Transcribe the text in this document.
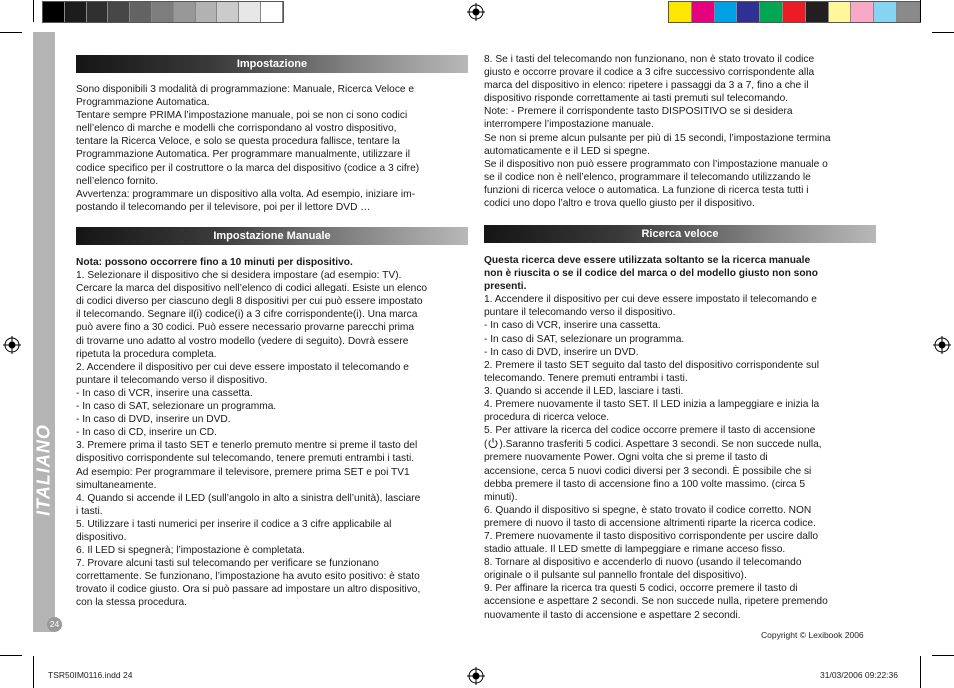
ITALIANO
24
Impostazione

Sono disponibili 3 modalità di programmazione: Manuale, Ricerca Veloce e

Programmazione Automatica.

Tentare sempre PRIMA l’impostazione manuale, poi se non ci sono codici

nell’elenco di marche e modelli che corrispondano al vostro dispositivo,

tentare la Ricerca Veloce, e solo se questa procedura fallisce, tentare la

Programmazione Automatica. Per programmare manualmente, utilizzare il

codice specifico per il costruttore o la marca del dispositivo (codice a 3 cifre)

nell’elenco fornito.

Avvertenza: programmare un dispositivo alla volta. Ad esempio, iniziare im-

postando il telecomando per il televisore, poi per il lettore DVD …

Impostazione Manuale

Nota: possono occorrere fino a 10 minuti per dispositivo.

1. Selezionare il dispositivo che si desidera impostare (ad esempio: TV).

Cercare la marca del dispositivo nell’elenco di codici allegati. Esiste un elenco

di codici diverso per ciascuno degli 8 dispositivi per cui può essere impostato

il telecomando. Segnare il(i) codice(i) a 3 cifre corrispondente(i). Una marca

può avere fino a 30 codici. Può essere necessario provarne parecchi prima

di trovarne uno adatto al vostro modello (vedere di seguito). Dovrà essere

ripetuta la procedura completa.

2. Accendere il dispositivo per cui deve essere impostato il telecomando e

puntare il telecomando verso il dispositivo.

- In caso di VCR, inserire una cassetta.

- In caso di SAT, selezionare un programma.

- In caso di DVD, inserire un DVD.

- In caso di CD, inserire un CD.

3. Premere prima il tasto SET e tenerlo premuto mentre si preme il tasto del

dispositivo corrispondente sul telecomando, tenere premuti entrambi i tasti.

Ad esempio: Per programmare il televisore, premere prima SET e poi TV1

simultaneamente.

4. Quando si accende il LED (sull’angolo in alto a sinistra dell’unità), lasciare

i tasti.

5. Utilizzare i tasti numerici per inserire il codice a 3 cifre applicabile al

dispositivo.

6. Il LED si spegnerà; l’impostazione è completata.

7. Provare alcuni tasti sul telecomando per verificare se funzionano

correttamente. Se funzionano, l’impostazione ha avuto esito positivo: è stato

trovato il codice giusto. Ora si può passare ad impostare un altro dispositivo,

con la stessa procedura.

8. Se i tasti del telecomando non funzionano, non è stato trovato il codice

giusto e occorre provare il codice a 3 cifre successivo corrispondente alla

marca del dispositivo in elenco: ripetere i passaggi da 3 a 7, fino a che il

dispositivo risponde correttamente ai tasti premuti sul telecomando.

Note: - Premere il corrispondente tasto DISPOSITIVO se si desidera

interrompere l’impostazione manuale.

Se non si preme alcun pulsante per più di 15 secondi, l’impostazione termina

automaticamente e il LED si spegne.

Se il dispositivo non può essere programmato con l’impostazione manuale o

se il codice non è nell’elenco, programmare il telecomando utilizzando le

funzioni di ricerca veloce o automatica. La funzione di ricerca testa tutti i

codici uno dopo l’altro e trova quello giusto per il dispositivo.

Ricerca veloce

Questa ricerca deve essere utilizzata soltanto se la ricerca manuale

non è riuscita o se il codice del marca o del modello giusto non sono

presenti.

1. Accendere il dispositivo per cui deve essere impostato il telecomando e

puntare il telecomando verso il dispositivo.

- In caso di VCR, inserire una cassetta.

- In caso di SAT, selezionare un programma.

- In caso di DVD, inserire un DVD.

2. Premere il tasto SET seguito dal tasto del dispositivo corrispondente sul

telecomando. Tenere premuti entrambi i tasti.

3. Quando si accende il LED, lasciare i tasti.

4. Premere nuovamente il tasto SET. Il LED inizia a lampeggiare e inizia la

procedura di ricerca veloce.

5. Per attivare la ricerca del codice occorre premere il tasto di accensione

( ).Saranno trasferiti 5 codici. Aspettare 3 secondi. Se non succede nulla,

premere nuovamente Power. Ogni volta che si preme il tasto di

accensione, cerca 5 nuovi codici diversi per 3 secondi. È possibile che si

debba premere il tasto di accensione fino a 100 volte massimo. (circa 5

minuti).

6. Quando il dispositivo si spegne, è stato trovato il codice corretto. NON

premere di nuovo il tasto di accensione altrimenti riparte la ricerca codice.

7. Premere nuovamente il tasto dispositivo corrispondente per uscire dallo

stadio attuale. Il LED smette di lampeggiare e rimane acceso fisso.

8. Tornare al dispositivo e accenderlo di nuovo (usando il telecomando

originale o il pulsante sul pannello frontale del dispositivo).

9. Per affinare la ricerca tra questi 5 codici, occorre premere il tasto di

accensione e aspettare 2 secondi. Se non succede nulla, ripetere premendo

nuovamente il tasto di accensione e aspettare 2 secondi.

Copyright © Lexibook 2006
TSR50IM0116.indd 24	31/03/2006 09:22:36
